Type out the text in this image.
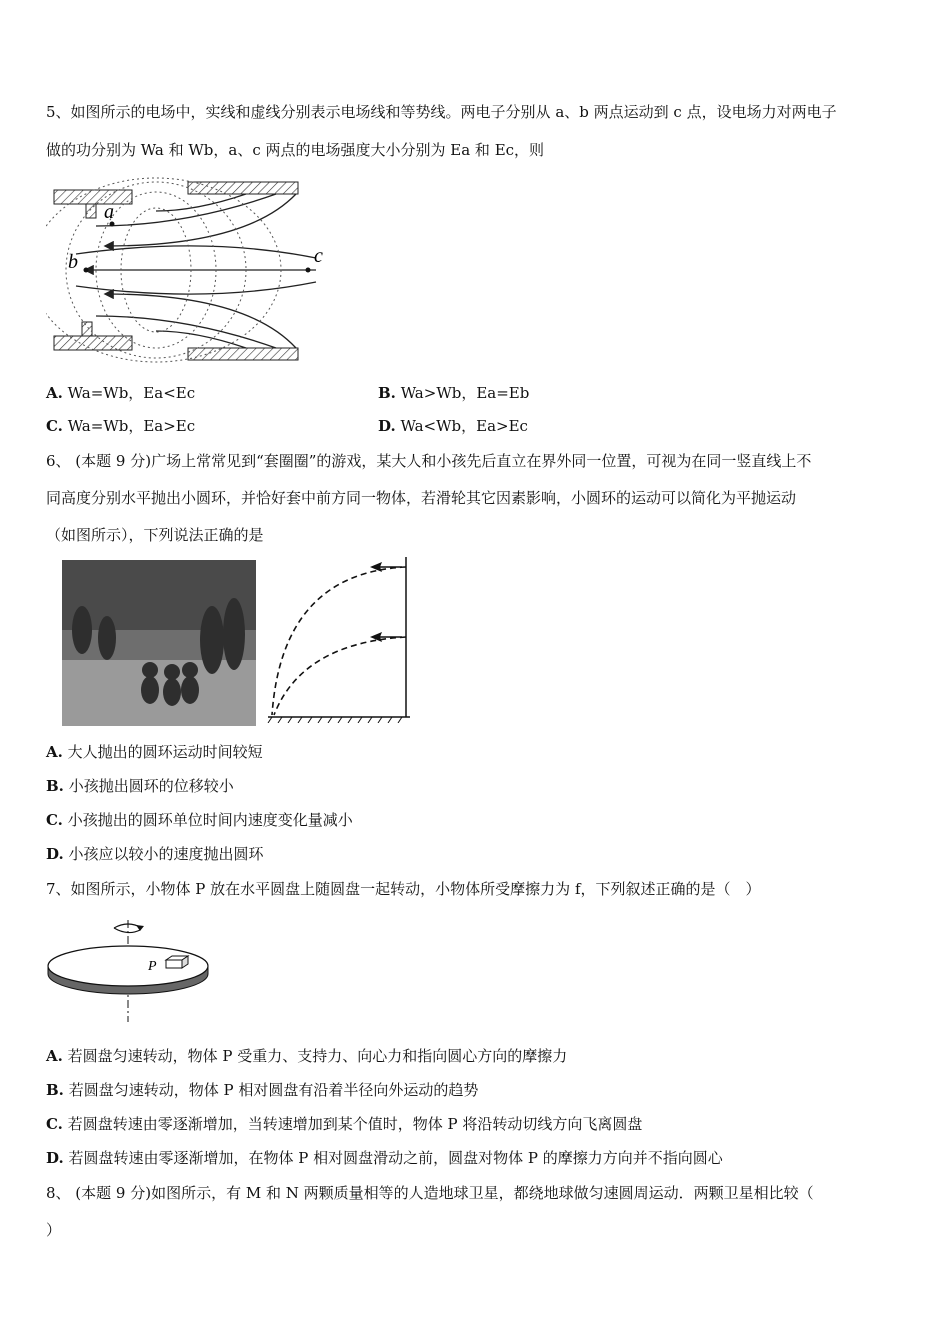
5、如图所示的电场中，实线和虚线分别表示电场线和等势线。两电子分别从 a、b 两点运动到 c 点，设电场力对两电子
做的功分别为 Wa 和 Wb，a、c 两点的电场强度大小分别为 Ea 和 Ec，则
a
b	c
A. Wa=Wb，Ea<Ec	B. Wa>Wb，Ea=Eb
C. Wa=Wb，Ea>Ec	D. Wa<Wb，Ea>Ec
6、 (本题 9 分)广场上常常见到“套圈圈”的游戏，某大人和小孩先后直立在界外同一位置，可视为在同一竖直线上不
同高度分别水平抛出小圆环，并恰好套中前方同一物体，若滑轮其它因素影响，小圆环的运动可以简化为平抛运动
（如图所示），下列说法正确的是
A. 大人抛出的圆环运动时间较短
B. 小孩抛出圆环的位移较小
C. 小孩抛出的圆环单位时间内速度变化量减小
D. 小孩应以较小的速度抛出圆环
7、如图所示，小物体 P 放在水平圆盘上随圆盘一起转动，小物体所受摩擦力为 f，下列叙述正确的是（　）
P
A. 若圆盘匀速转动，物体 P 受重力、支持力、向心力和指向圆心方向的摩擦力
B. 若圆盘匀速转动，物体 P 相对圆盘有沿着半径向外运动的趋势
C. 若圆盘转速由零逐渐增加，当转速增加到某个值时，物体 P 将沿转动切线方向飞离圆盘
D. 若圆盘转速由零逐渐增加，在物体 P 相对圆盘滑动之前，圆盘对物体 P 的摩擦力方向并不指向圆心
8、 (本题 9 分)如图所示，有 M 和 N 两颗质量相等的人造地球卫星，都绕地球做匀速圆周运动．两颗卫星相比较（
）
